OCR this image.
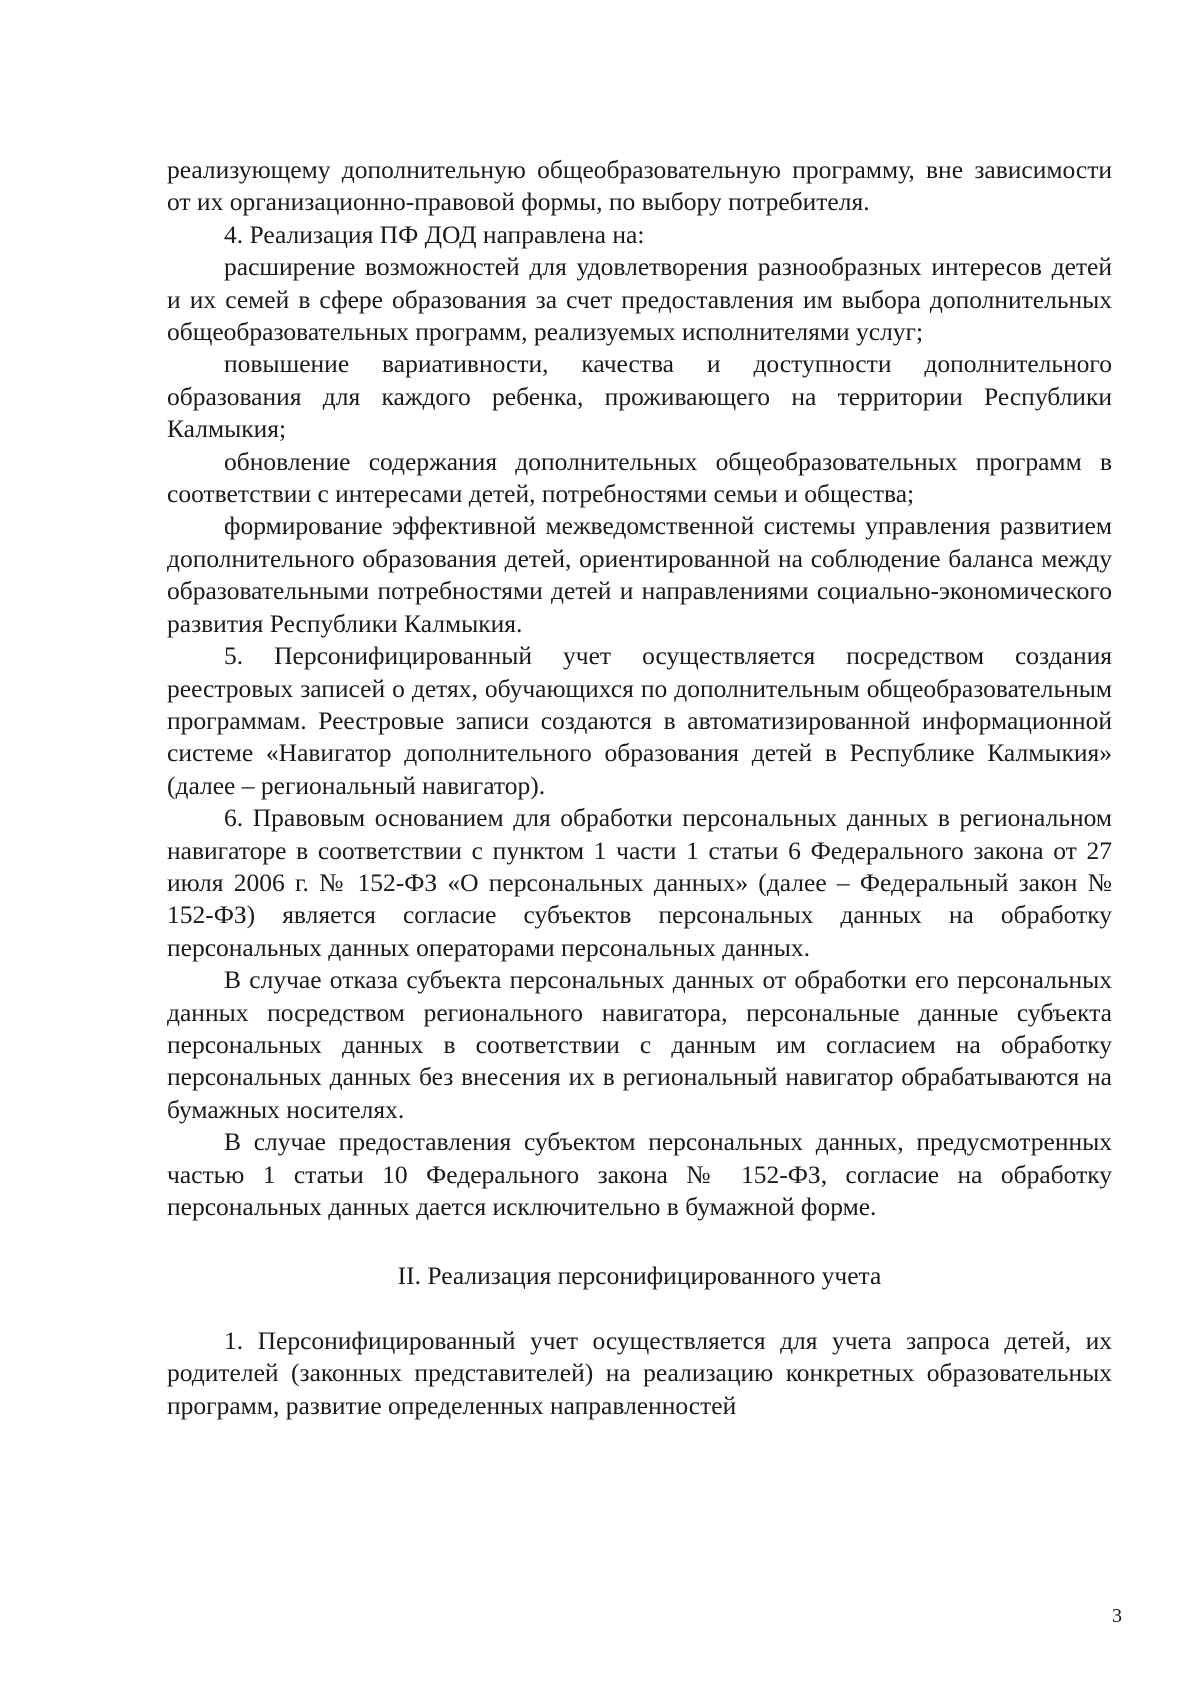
реализующему дополнительную общеобразовательную программу, вне зависимости от их организационно-правовой формы, по выбору потребителя.

4. Реализация ПФ ДОД направлена на:

расширение возможностей для удовлетворения разнообразных интересов детей и их семей в сфере образования за счет предоставления им выбора дополнительных общеобразовательных программ, реализуемых исполнителями услуг;

повышение вариативности, качества и доступности дополнительного образования для каждого ребенка, проживающего на территории Республики Калмыкия;

обновление содержания дополнительных общеобразовательных программ в соответствии с интересами детей, потребностями семьи и общества;

формирование эффективной межведомственной системы управления развитием дополнительного образования детей, ориентированной на соблюдение баланса между образовательными потребностями детей и направлениями социально-экономического развития Республики Калмыкия.

5. Персонифицированный учет осуществляется посредством создания реестровых записей о детях, обучающихся по дополнительным общеобразовательным программам. Реестровые записи создаются в автоматизированной информационной системе «Навигатор дополнительного образования детей в Республике Калмыкия» (далее – региональный навигатор).

6. Правовым основанием для обработки персональных данных в региональном навигаторе в соответствии с пунктом 1 части 1 статьи 6 Федерального закона от 27 июля 2006 г. № 152-ФЗ «О персональных данных» (далее – Федеральный закон № 152-ФЗ) является согласие субъектов персональных данных на обработку персональных данных операторами персональных данных.

В случае отказа субъекта персональных данных от обработки его персональных данных посредством регионального навигатора, персональные данные субъекта персональных данных в соответствии с данным им согласием на обработку персональных данных без внесения их в региональный навигатор обрабатываются на бумажных носителях.

В случае предоставления субъектом персональных данных, предусмотренных частью 1 статьи 10 Федерального закона № 152-ФЗ, согласие на обработку персональных данных дается исключительно в бумажной форме.

II. Реализация персонифицированного учета

1. Персонифицированный учет осуществляется для учета запроса детей, их родителей (законных представителей) на реализацию конкретных образовательных программ, развитие определенных направленностей

3
